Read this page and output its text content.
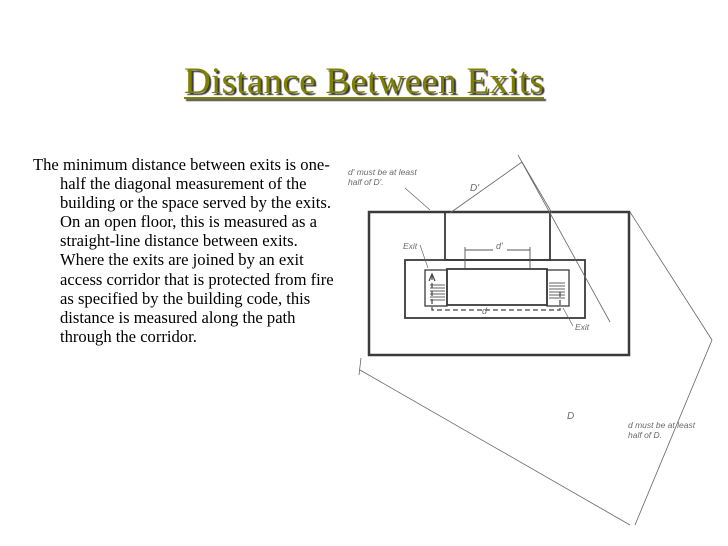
Distance Between Exits

The minimum distance between exits is one-half the diagonal measurement of the building or the space served by the exits. On an open floor, this is measured as a straight-line distance between exits. Where the exits are joined by an exit access corridor that is protected from fire as specified by the building code, this distance is measured along the path through the corridor.

d'
d
D'
D
d' must be at least
half of D'.
d must be at least
half of D.
Exit
Exit
